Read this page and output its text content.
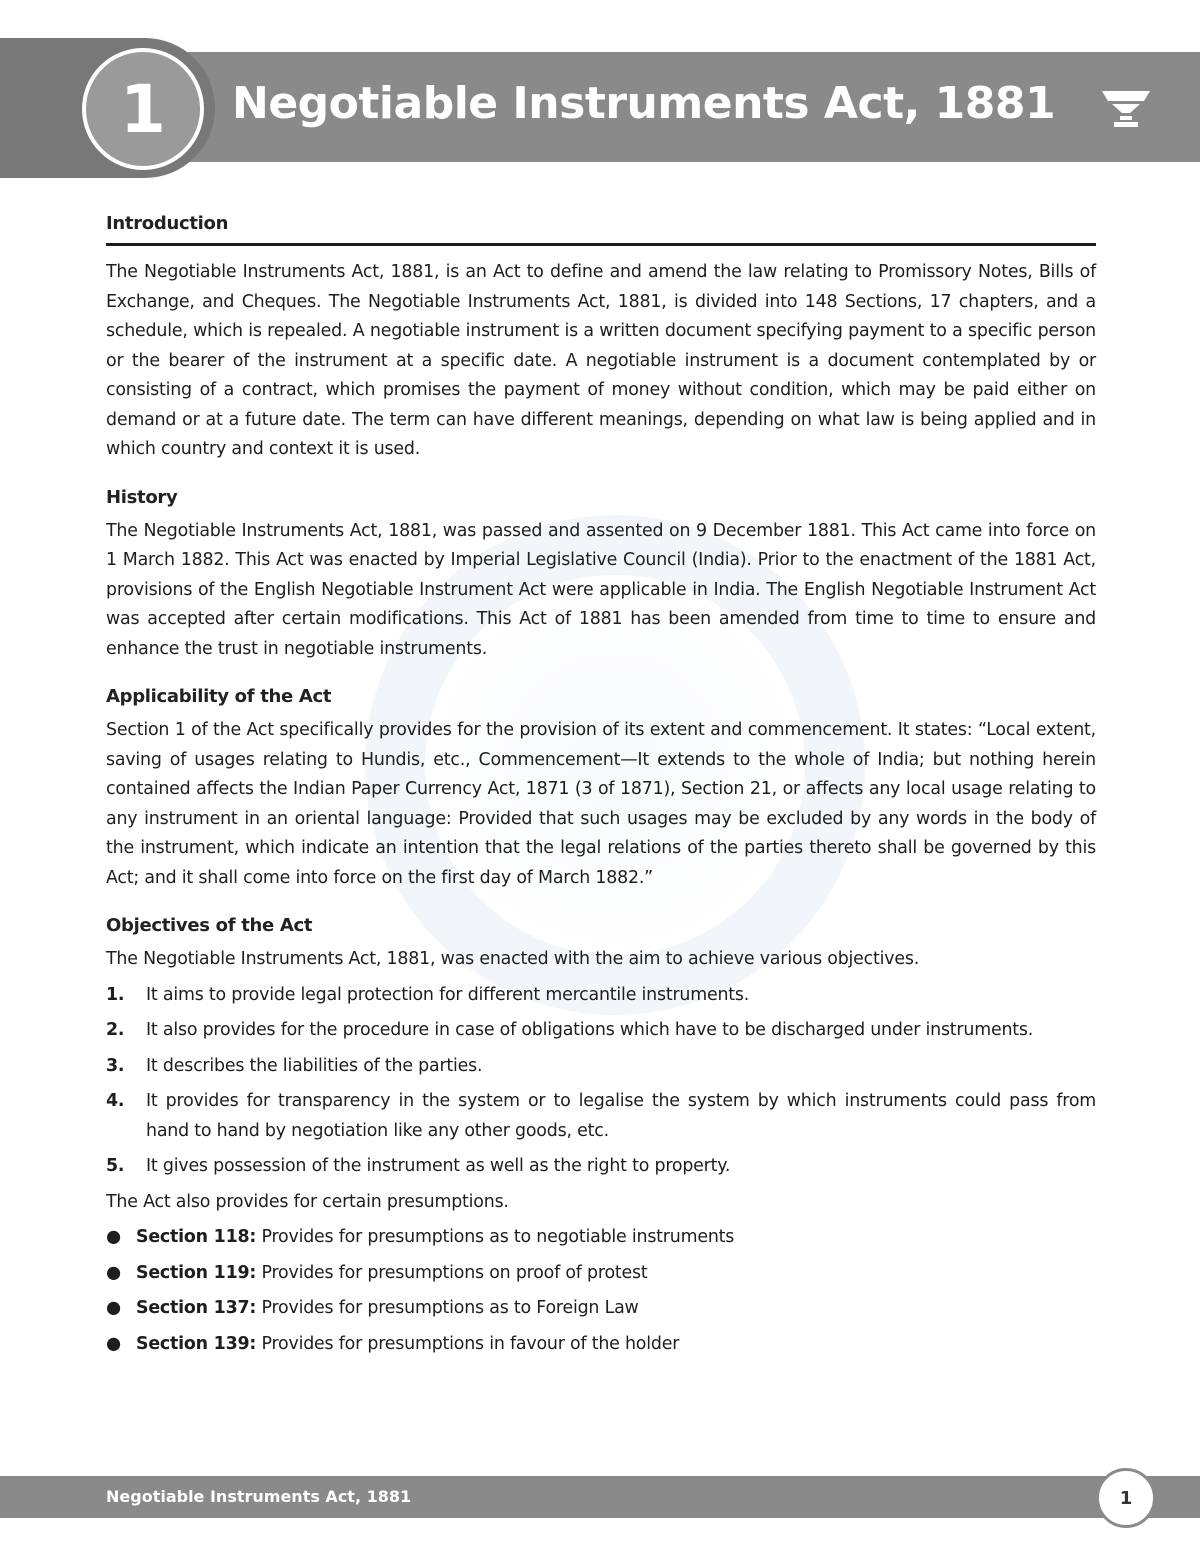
1	Negotiable Instruments Act, 1881
Introduction

The Negotiable Instruments Act, 1881, is an Act to define and amend the law relating to Promissory Notes, Bills of Exchange, and Cheques. The Negotiable Instruments Act, 1881, is divided into 148 Sections, 17 chapters, and a schedule, which is repealed. A negotiable instrument is a written document specifying payment to a specific person or the bearer of the instrument at a specific date. A negotiable instrument is a document contemplated by or consisting of a contract, which promises the payment of money without condition, which may be paid either on demand or at a future date. The term can have different meanings, depending on what law is being applied and in which country and context it is used.

History

The Negotiable Instruments Act, 1881, was passed and assented on 9 December 1881. This Act came into force on 1 March 1882. This Act was enacted by Imperial Legislative Council (India). Prior to the enactment of the 1881 Act, provisions of the English Negotiable Instrument Act were applicable in India. The English Negotiable Instrument Act was accepted after certain modifications. This Act of 1881 has been amended from time to time to ensure and enhance the trust in negotiable instruments.

Applicability of the Act

Section 1 of the Act specifically provides for the provision of its extent and commencement. It states: “Local extent, saving of usages relating to Hundis, etc., Commencement—It extends to the whole of India; but nothing herein contained affects the Indian Paper Currency Act, 1871 (3 of 1871), Section 21, or affects any local usage relating to any instrument in an oriental language: Provided that such usages may be excluded by any words in the body of the instrument, which indicate an intention that the legal relations of the parties thereto shall be governed by this Act; and it shall come into force on the first day of March 1882.”

Objectives of the Act

The Negotiable Instruments Act, 1881, was enacted with the aim to achieve various objectives.

1.	It aims to provide legal protection for different mercantile instruments.
2.	It also provides for the procedure in case of obligations which have to be discharged under instruments.
3.	It describes the liabilities of the parties.
4.	It provides for transparency in the system or to legalise the system by which instruments could pass from hand to hand by negotiation like any other goods, etc.
5.	It gives possession of the instrument as well as the right to property.

The Act also provides for certain presumptions.

● Section 118: Provides for presumptions as to negotiable instruments
● Section 119: Provides for presumptions on proof of protest
● Section 137: Provides for presumptions as to Foreign Law
● Section 139: Provides for presumptions in favour of the holder
Negotiable Instruments Act, 1881	1
